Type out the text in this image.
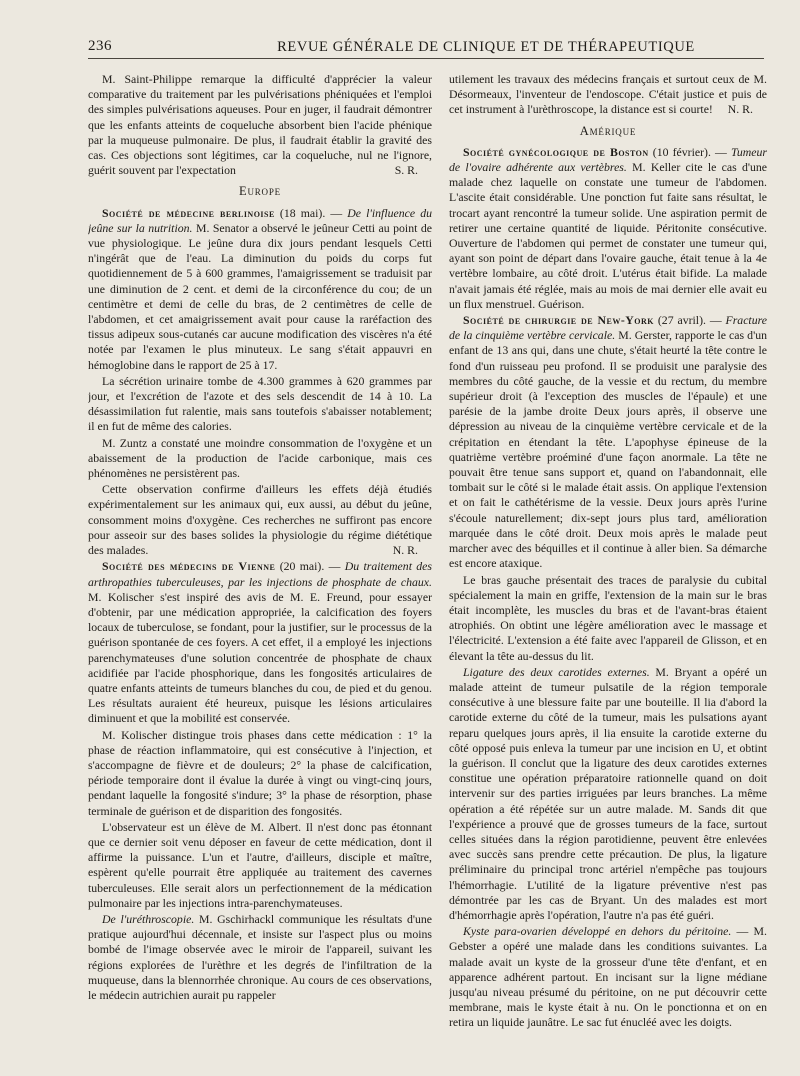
236	REVUE GÉNÉRALE DE CLINIQUE ET DE THÉRAPEUTIQUE

M. Saint-Philippe remarque la difficulté d'apprécier la valeur comparative du traitement par les pulvérisations phéniquées et l'emploi des simples pulvérisations aqueuses. Pour en juger, il faudrait démontrer que les enfants atteints de coqueluche absorbent bien l'acide phénique par la muqueuse pulmonaire. De plus, il faudrait établir la gravité des cas. Ces objections sont légitimes, car la coqueluche, nul ne l'ignore, guérit souvent par l'expectation	S. R.

Europe

Société de médecine berlinoise (18 mai). — De l'influence du jeûne sur la nutrition. M. Senator a observé le jeûneur Cetti au point de vue physiologique. Le jeûne dura dix jours pendant lesquels Cetti n'ingérât que de l'eau. La diminution du poids du corps fut quotidiennement de 5 à 600 grammes, l'amaigrissement se traduisit par une diminution de 2 cent. et demi de la circonférence du cou; de un centimètre et demi de celle du bras, de 2 centimètres de celle de l'abdomen, et cet amaigrissement avait pour cause la raréfaction des tissus adipeux sous-cutanés car aucune modification des viscères n'a été notée par l'examen le plus minuteux. Le sang s'était appauvri en hémoglobine dans le rapport de 25 à 17.

La sécrétion urinaire tombe de 4.300 grammes à 620 grammes par jour, et l'excrétion de l'azote et des sels descendit de 14 à 10. La désassimilation fut ralentie, mais sans toutefois s'abaisser notablement; il en fut de même des calories.

M. Zuntz a constaté une moindre consommation de l'oxygène et un abaissement de la production de l'acide carbonique, mais ces phénomènes ne persistèrent pas.

Cette observation confirme d'ailleurs les effets déjà étudiés expérimentalement sur les animaux qui, eux aussi, au début du jeûne, consomment moins d'oxygène. Ces recherches ne suffiront pas encore pour asseoir sur des bases solides la physiologie du régime diététique des malades.	N. R.

Société des médecins de Vienne (20 mai). — Du traitement des arthropathies tuberculeuses, par les injections de phosphate de chaux. M. Kolischer s'est inspiré des avis de M. E. Freund, pour essayer d'obtenir, par une médication appropriée, la calcification des foyers locaux de tuberculose, se fondant, pour la justifier, sur le processus de la guérison spontanée de ces foyers. A cet effet, il a employé les injections parenchymateuses d'une solution concentrée de phosphate de chaux acidifiée par l'acide phosphorique, dans les fongosités articulaires de quatre enfants atteints de tumeurs blanches du cou, de pied et du genou. Les résultats auraient été heureux, puisque les lésions articulaires diminuent et que la mobilité est conservée.

M. Kolischer distingue trois phases dans cette médication : 1° la phase de réaction inflammatoire, qui est consécutive à l'injection, et s'accompagne de fièvre et de douleurs; 2° la phase de calcification, période temporaire dont il évalue la durée à vingt ou vingt-cinq jours, pendant laquelle la fongosité s'indure; 3° la phase de résorption, phase terminale de guérison et de disparition des fongosités.

L'observateur est un élève de M. Albert. Il n'est donc pas étonnant que ce dernier soit venu déposer en faveur de cette médication, dont il affirme la puissance. L'un et l'autre, d'ailleurs, disciple et maître, espèrent qu'elle pourrait être appliquée au traitement des cavernes tuberculeuses. Elle serait alors un perfectionnement de la médication pulmonaire par les injections intra-parenchymateuses.

De l'uréthroscopie. M. Gschirhackl communique les résultats d'une pratique aujourd'hui décennale, et insiste sur l'aspect plus ou moins bombé de l'image observée avec le miroir de l'appareil, suivant les régions explorées de l'urèthre et les degrés de l'infiltration de la muqueuse, dans la blennorrhée chronique. Au cours de ces observations, le médecin autrichien aurait pu rappeler

utilement les travaux des médecins français et surtout ceux de M. Désormeaux, l'inventeur de l'endoscope. C'était justice et puis de cet instrument à l'urèthroscope, la distance est si courte! N. R.

Amérique

Société gynécologique de Boston (10 février). — Tumeur de l'ovaire adhérente aux vertèbres. M. Keller cite le cas d'une malade chez laquelle on constate une tumeur de l'abdomen. L'ascite était considérable. Une ponction fut faite sans résultat, le trocart ayant rencontré la tumeur solide. Une aspiration permit de retirer une certaine quantité de liquide. Péritonite consécutive. Ouverture de l'abdomen qui permet de constater une tumeur qui, ayant son point de départ dans l'ovaire gauche, était tenue à la 4e vertèbre lombaire, au côté droit. L'utérus était bifide. La malade n'avait jamais été réglée, mais au mois de mai dernier elle avait eu un flux menstruel. Guérison.

Société de chirurgie de New-York (27 avril). — Fracture de la cinquième vertèbre cervicale. M. Gerster, rapporte le cas d'un enfant de 13 ans qui, dans une chute, s'était heurté la tête contre le fond d'un ruisseau peu profond. Il se produisit une paralysie des membres du côté gauche, de la vessie et du rectum, du membre supérieur droit (à l'exception des muscles de l'épaule) et une parésie de la jambe droite Deux jours après, il observe une dépression au niveau de la cinquième vertèbre cervicale et de la crépitation en étendant la tête. L'apophyse épineuse de la quatrième vertèbre proéminé d'une façon anormale. La tête ne pouvait être tenue sans support et, quand on l'abandonnait, elle tombait sur le côté si le malade était assis. On applique l'extension et on fait le cathétérisme de la vessie. Deux jours après l'urine s'écoule naturellement; dix-sept jours plus tard, amélioration marquée dans le côté droit. Deux mois après le malade peut marcher avec des béquilles et il continue à aller bien. Sa démarche est encore ataxique.

Le bras gauche présentait des traces de paralysie du cubital spécialement la main en griffe, l'extension de la main sur le bras était incomplète, les muscles du bras et de l'avant-bras étaient atrophiés. On obtint une légère amélioration avec le massage et l'électricité. L'extension a été faite avec l'appareil de Glisson, et en élevant la tête au-dessus du lit.

Ligature des deux carotides externes. M. Bryant a opéré un malade atteint de tumeur pulsatile de la région temporale consécutive à une blessure faite par une bouteille. Il lia d'abord la carotide externe du côté de la tumeur, mais les pulsations ayant reparu quelques jours après, il lia ensuite la carotide externe du côté opposé puis enleva la tumeur par une incision en U, et obtint la guérison. Il conclut que la ligature des deux carotides externes constitue une opération préparatoire rationnelle quand on doit intervenir sur des parties irriguées par leurs branches. La même opération a été répétée sur un autre malade. M. Sands dit que l'expérience a prouvé que de grosses tumeurs de la face, surtout celles situées dans la région parotidienne, peuvent être enlevées avec succès sans prendre cette précaution. De plus, la ligature préliminaire du principal tronc artériel n'empêche pas toujours l'hémorrhagie. L'utilité de la ligature préventive n'est pas démontrée par les cas de Bryant. Un des malades est mort d'hémorrhagie après l'opération, l'autre n'a pas été guéri.

Kyste para-ovarien développé en dehors du péritoine. — M. Gebster a opéré une malade dans les conditions suivantes. La malade avait un kyste de la grosseur d'une tête d'enfant, et en apparence adhérent partout. En incisant sur la ligne médiane jusqu'au niveau présumé du péritoine, on ne put découvrir cette membrane, mais le kyste était à nu. On le ponctionna et on en retira un liquide jaunâtre. Le sac fut énucléé avec les doigts.
